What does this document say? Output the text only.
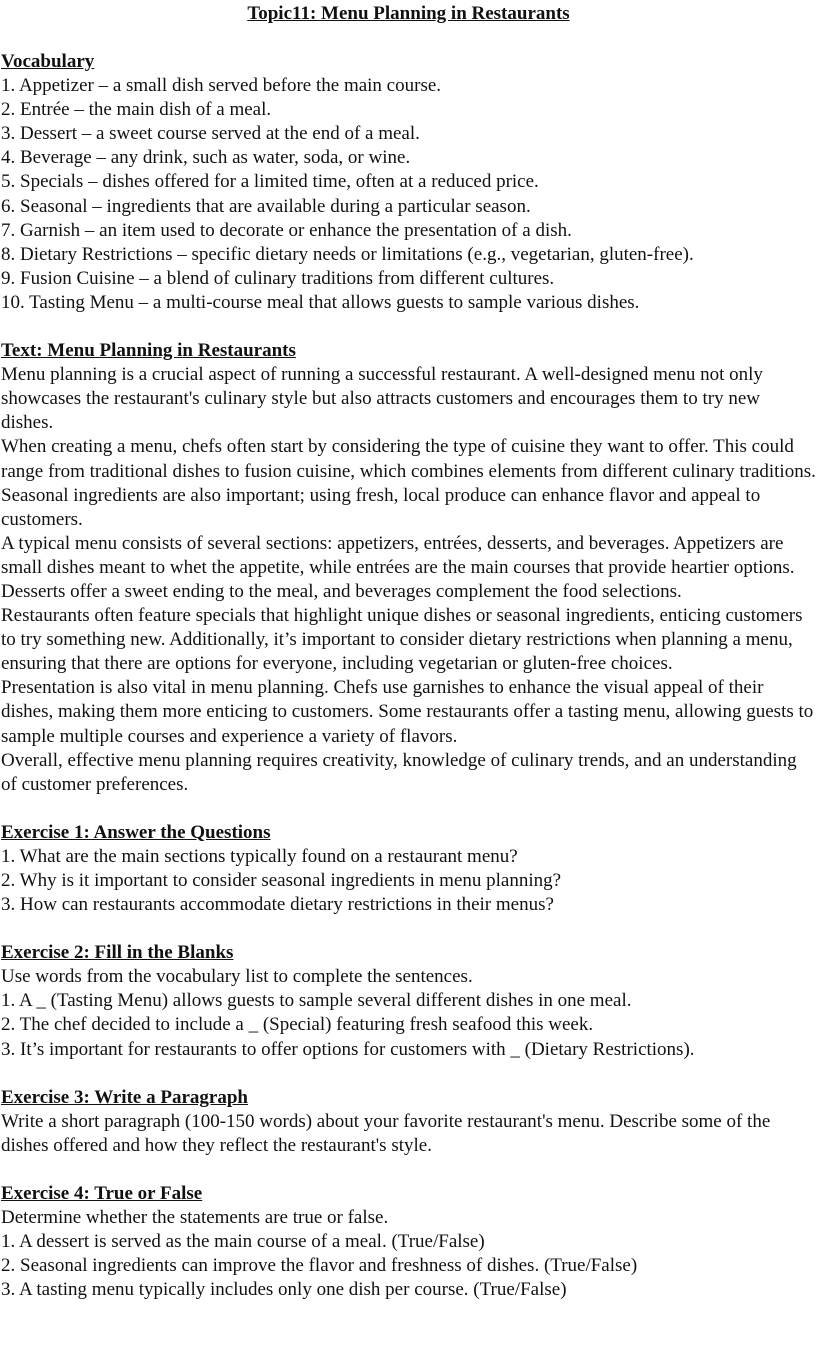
Topic11: Menu Planning in Restaurants

Vocabulary

1. Appetizer – a small dish served before the main course.
2. Entrée – the main dish of a meal.
3. Dessert – a sweet course served at the end of a meal.
4. Beverage – any drink, such as water, soda, or wine.
5. Specials – dishes offered for a limited time, often at a reduced price.
6. Seasonal – ingredients that are available during a particular season.
7. Garnish – an item used to decorate or enhance the presentation of a dish.
8. Dietary Restrictions – specific dietary needs or limitations (e.g., vegetarian, gluten-free).
9. Fusion Cuisine – a blend of culinary traditions from different cultures.
10. Tasting Menu – a multi-course meal that allows guests to sample various dishes.

Text: Menu Planning in Restaurants

Menu planning is a crucial aspect of running a successful restaurant. A well-designed menu not only showcases the restaurant's culinary style but also attracts customers and encourages them to try new dishes.

When creating a menu, chefs often start by considering the type of cuisine they want to offer. This could range from traditional dishes to fusion cuisine, which combines elements from different culinary traditions. Seasonal ingredients are also important; using fresh, local produce can enhance flavor and appeal to customers.

A typical menu consists of several sections: appetizers, entrées, desserts, and beverages. Appetizers are small dishes meant to whet the appetite, while entrées are the main courses that provide heartier options. Desserts offer a sweet ending to the meal, and beverages complement the food selections.

Restaurants often feature specials that highlight unique dishes or seasonal ingredients, enticing customers to try something new. Additionally, it’s important to consider dietary restrictions when planning a menu, ensuring that there are options for everyone, including vegetarian or gluten-free choices.

Presentation is also vital in menu planning. Chefs use garnishes to enhance the visual appeal of their dishes, making them more enticing to customers. Some restaurants offer a tasting menu, allowing guests to sample multiple courses and experience a variety of flavors.

Overall, effective menu planning requires creativity, knowledge of culinary trends, and an understanding of customer preferences.

Exercise 1: Answer the Questions

1. What are the main sections typically found on a restaurant menu?
2. Why is it important to consider seasonal ingredients in menu planning?
3. How can restaurants accommodate dietary restrictions in their menus?

Exercise 2: Fill in the Blanks

Use words from the vocabulary list to complete the sentences.

1. A _ (Tasting Menu) allows guests to sample several different dishes in one meal.
2. The chef decided to include a _ (Special) featuring fresh seafood this week.
3. It’s important for restaurants to offer options for customers with _ (Dietary Restrictions).

Exercise 3: Write a Paragraph

Write a short paragraph (100-150 words) about your favorite restaurant's menu. Describe some of the dishes offered and how they reflect the restaurant's style.

Exercise 4: True or False

Determine whether the statements are true or false.

1. A dessert is served as the main course of a meal. (True/False)
2. Seasonal ingredients can improve the flavor and freshness of dishes. (True/False)
3. A tasting menu typically includes only one dish per course. (True/False)
